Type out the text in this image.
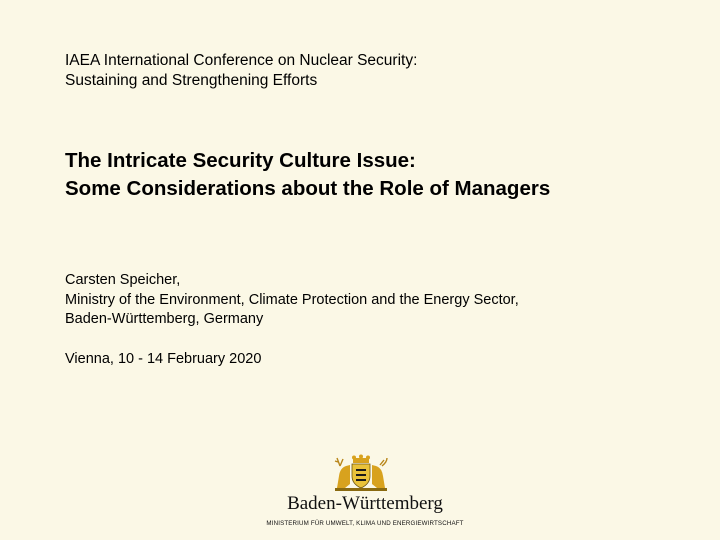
IAEA International Conference on Nuclear Security:
Sustaining and Strengthening Efforts
The Intricate Security Culture Issue:
Some Considerations about the Role of Managers
Carsten Speicher,
Ministry of the Environment, Climate Protection and the Energy Sector,
Baden-Württemberg, Germany
Vienna, 10 - 14 February 2020
Baden-Württemberg
MINISTERIUM FÜR UMWELT, KLIMA UND ENERGIEWIRTSCHAFT
